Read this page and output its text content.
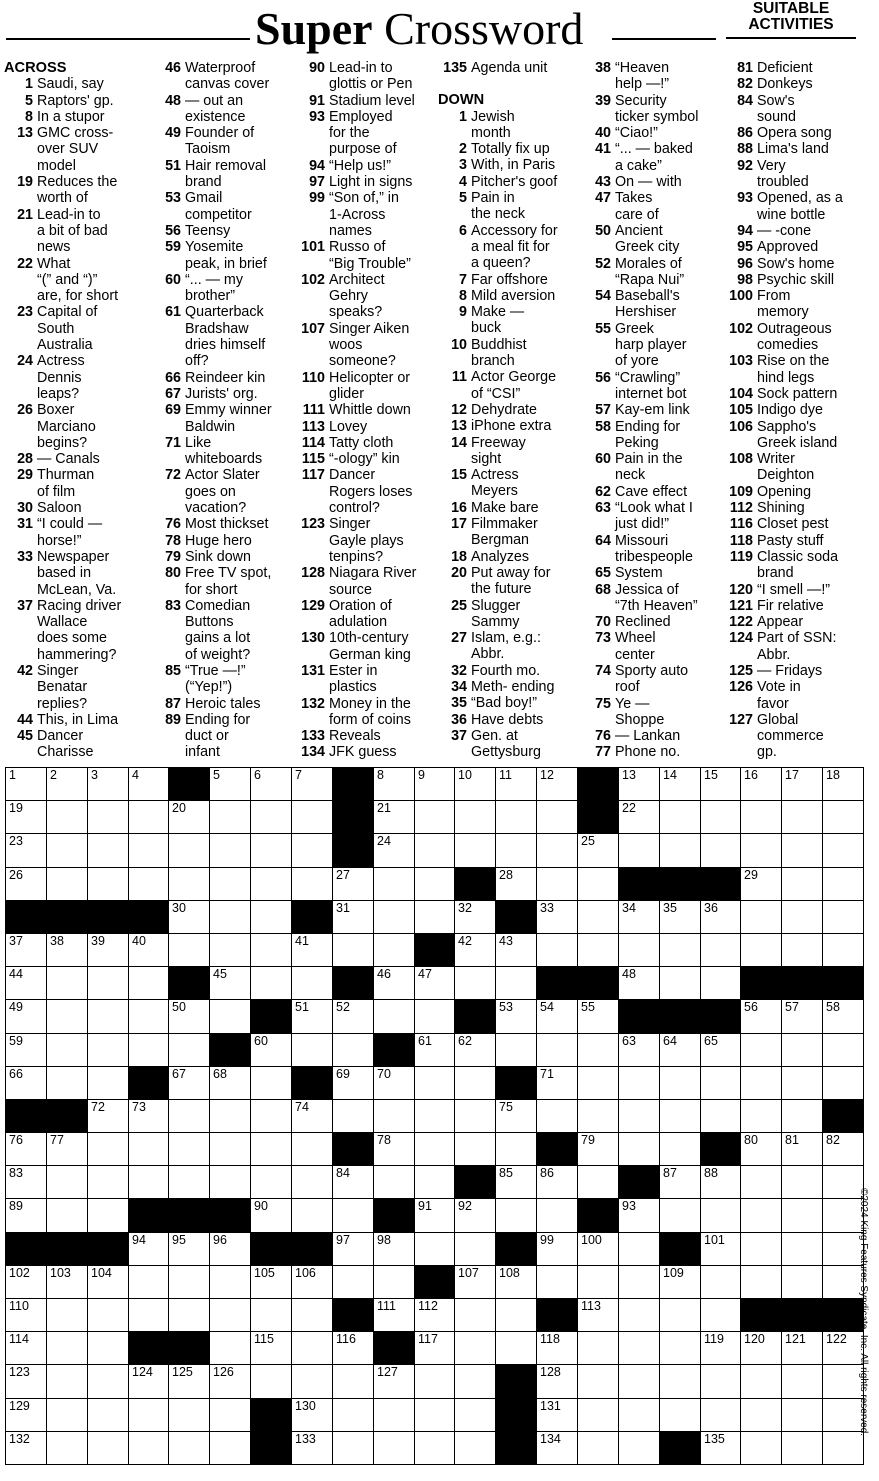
Super Crossword	SUITABLE
ACTIVITIES
ACROSS
1 Saudi, say
5 Raptors' gp.
8 In a stupor
13 GMC cross-
over SUV
model
19 Reduces the
worth of
21 Lead-in to
a bit of bad
news
22 What
“(” and “)”
are, for short
23 Capital of
South
Australia
24 Actress
Dennis
leaps?
26 Boxer
Marciano
begins?
28 — Canals
29 Thurman
of film
30 Saloon
31 “I could —
horse!”
33 Newspaper
based in
McLean, Va.
37 Racing driver
Wallace
does some
hammering?
42 Singer
Benatar
replies?
44 This, in Lima
45 Dancer
Charisse
46 Waterproof
canvas cover
48 — out an
existence
49 Founder of
Taoism
51 Hair removal
brand
53 Gmail
competitor
56 Teensy
59 Yosemite
peak, in brief
60 “... — my
brother”
61 Quarterback
Bradshaw
dries himself
off?
66 Reindeer kin
67 Jurists' org.
69 Emmy winner
Baldwin
71 Like
whiteboards
72 Actor Slater
goes on
vacation?
76 Most thickset
78 Huge hero
79 Sink down
80 Free TV spot,
for short
83 Comedian
Buttons
gains a lot
of weight?
85 “True —!”
(“Yep!”)
87 Heroic tales
89 Ending for
duct or
infant
90 Lead-in to
glottis or Pen
91 Stadium level
93 Employed
for the
purpose of
94 “Help us!”
97 Light in signs
99 “Son of,” in
1-Across
names
101 Russo of
“Big Trouble”
102 Architect
Gehry
speaks?
107 Singer Aiken
woos
someone?
110 Helicopter or
glider
111 Whittle down
113 Lovey
114 Tatty cloth
115 “-ology” kin
117 Dancer
Rogers loses
control?
123 Singer
Gayle plays
tenpins?
128 Niagara River
source
129 Oration of
adulation
130 10th-century
German king
131 Ester in
plastics
132 Money in the
form of coins
133 Reveals
134 JFK guess
135 Agenda unit
DOWN
1 Jewish
month
2 Totally fix up
3 With, in Paris
4 Pitcher's goof
5 Pain in
the neck
6 Accessory for
a meal fit for
a queen?
7 Far offshore
8 Mild aversion
9 Make —
buck
10 Buddhist
branch
11 Actor George
of “CSI”
12 Dehydrate
13 iPhone extra
14 Freeway
sight
15 Actress
Meyers
16 Make bare
17 Filmmaker
Bergman
18 Analyzes
20 Put away for
the future
25 Slugger
Sammy
27 Islam, e.g.:
Abbr.
32 Fourth mo.
34 Meth- ending
35 “Bad boy!”
36 Have debts
37 Gen. at
Gettysburg
38 “Heaven
help —!”
39 Security
ticker symbol
40 “Ciao!”
41 “... — baked
a cake”
43 On — with
47 Takes
care of
50 Ancient
Greek city
52 Morales of
“Rapa Nui”
54 Baseball's
Hershiser
55 Greek
harp player
of yore
56 “Crawling”
internet bot
57 Kay-em link
58 Ending for
Peking
60 Pain in the
neck
62 Cave effect
63 “Look what I
just did!”
64 Missouri
tribespeople
65 System
68 Jessica of
“7th Heaven”
70 Reclined
73 Wheel
center
74 Sporty auto
roof
75 Ye —
Shoppe
76 — Lankan
77 Phone no.
81 Deficient
82 Donkeys
84 Sow's
sound
86 Opera song
88 Lima's land
92 Very
troubled
93 Opened, as a
wine bottle
94 — -cone
95 Approved
96 Sow's home
98 Psychic skill
100 From
memory
102 Outrageous
comedies
103 Rise on the
hind legs
104 Sock pattern
105 Indigo dye
106 Sappho's
Greek island
108 Writer
Deighton
109 Opening
112 Shining
116 Closet pest
118 Pasty stuff
119 Classic soda
brand
120 “I smell —!”
121 Fir relative
122 Appear
124 Part of SSN:
Abbr.
125 — Fridays
126 Vote in
favor
127 Global
commerce
gp.
1	2	3	4	5	6	7	8	9	10 11 12	13 14 15 16 17 18
19	20	21	22
23	24	25
26	27	28	29
30	31	32	33	34 35 36
37 38 39 40	41	42 43
44	45	46 47	48
49	50	51 52	53 54 55	56 57 58
59	60	61 62	63 64 65
66	67 68	69 70	71
72 73	74	75
76 77	78	79	80 81 82
83	84	85 86	87 88
89	90	91 92	93
94 95 96	97 98	99 100	101
102 103 104	105 106	107 108	109
110	111 112	113
114	115	116	117	118	119 120 121 122
123	124 125 126	127	128
129	130	131
132	133	134	135
©2024 King Features Syndicate, Inc. All rights reserved.
